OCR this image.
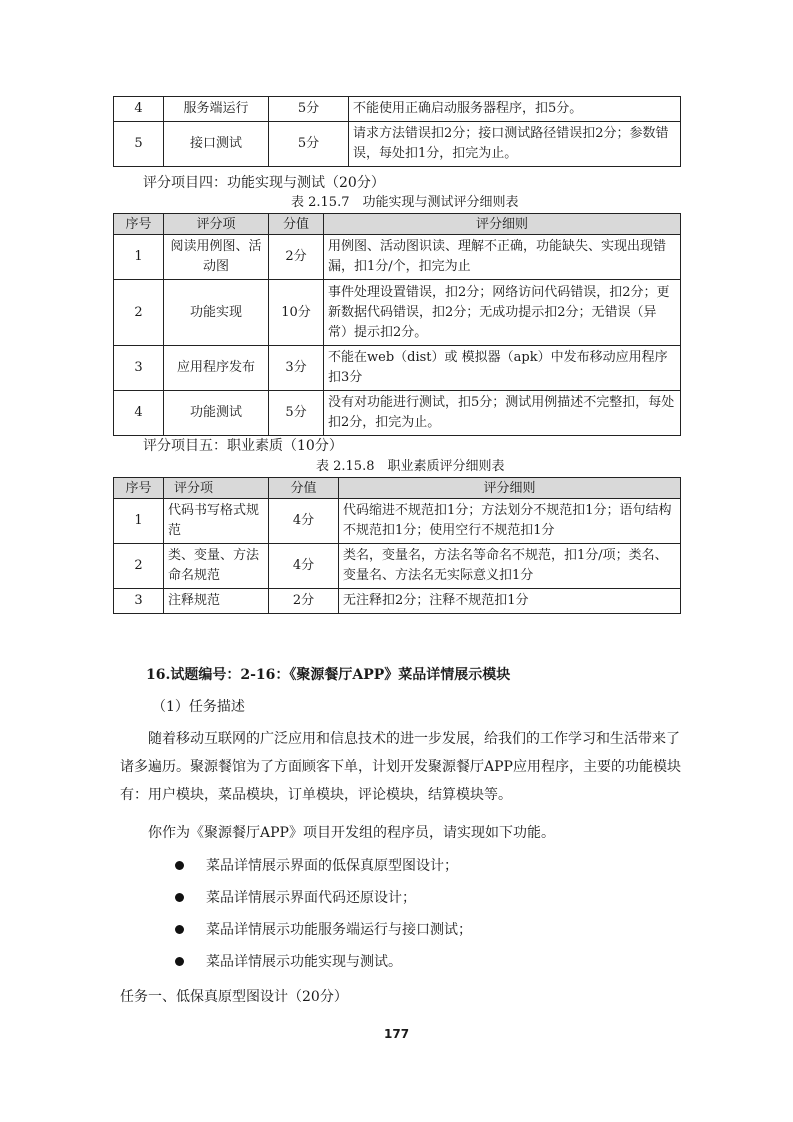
4	服务端运行	5分	不能使用正确启动服务器程序，扣5分。
5	接口测试	5分	请求方法错误扣2分；接口测试路径错误扣2分；参数错误，每处扣1分，扣完为止。
评分项目四：功能实现与测试（20分）
表 2.15.7　功能实现与测试评分细则表
序号	评分项	分值	评分细则
1	阅读用例图、活动图	2分	用例图、活动图识读、理解不正确，功能缺失、实现出现错漏，扣1分/个，扣完为止
2	功能实现	10分	事件处理设置错误，扣2分；网络访问代码错误，扣2分；更新数据代码错误，扣2分；无成功提示扣2分；无错误（异常）提示扣2分。
3	应用程序发布	3分	不能在web（dist）或 模拟器（apk）中发布移动应用程序扣3分
4	功能测试	5分	没有对功能进行测试，扣5分；测试用例描述不完整扣，每处扣2分，扣完为止。
评分项目五：职业素质（10分）
表 2.15.8　职业素质评分细则表
序号	评分项	分值	评分细则
1	代码书写格式规范	4分	代码缩进不规范扣1分；方法划分不规范扣1分；语句结构不规范扣1分；使用空行不规范扣1分
2	类、变量、方法命名规范	4分	类名，变量名，方法名等命名不规范，扣1分/项；类名、变量名、方法名无实际意义扣1分
3	注释规范	2分	无注释扣2分；注释不规范扣1分
16.试题编号：2-16：《聚源餐厅APP》菜品详情展示模块
（1）任务描述
随着移动互联网的广泛应用和信息技术的进一步发展，给我们的工作学习和生活带来了诸多遍历。聚源餐馆为了方面顾客下单，计划开发聚源餐厅APP应用程序，主要的功能模块有：用户模块，菜品模块，订单模块，评论模块，结算模块等。
你作为《聚源餐厅APP》项目开发组的程序员，请实现如下功能。
菜品详情展示界面的低保真原型图设计；
菜品详情展示界面代码还原设计；
菜品详情展示功能服务端运行与接口测试；
菜品详情展示功能实现与测试。
任务一、低保真原型图设计（20分）
177
